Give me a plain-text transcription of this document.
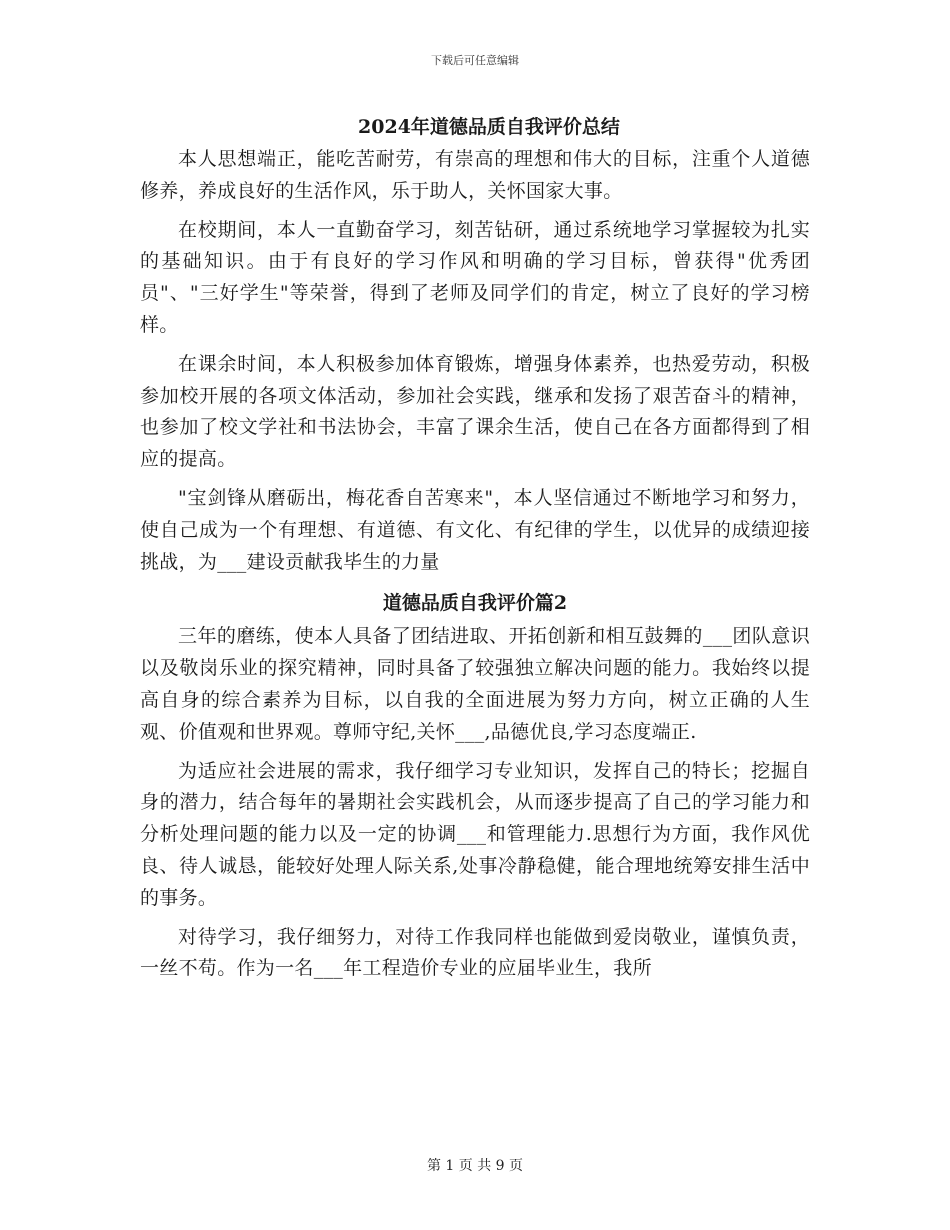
下载后可任意编辑
2024年道德品质自我评价总结

本人思想端正，能吃苦耐劳，有崇高的理想和伟大的目标，注重个人道德修养，养成良好的生活作风，乐于助人，关怀国家大事。

在校期间，本人一直勤奋学习，刻苦钻研，通过系统地学习掌握较为扎实的基础知识。由于有良好的学习作风和明确的学习目标，曾获得"优秀团员"、"三好学生"等荣誉，得到了老师及同学们的肯定，树立了良好的学习榜样。

在课余时间，本人积极参加体育锻炼，增强身体素养，也热爱劳动，积极参加校开展的各项文体活动，参加社会实践，继承和发扬了艰苦奋斗的精神，也参加了校文学社和书法协会，丰富了课余生活，使自己在各方面都得到了相应的提高。

"宝剑锋从磨砺出，梅花香自苦寒来"，本人坚信通过不断地学习和努力，使自己成为一个有理想、有道德、有文化、有纪律的学生，以优异的成绩迎接挑战，为___建设贡献我毕生的力量

道德品质自我评价篇2

三年的磨练，使本人具备了团结进取、开拓创新和相互鼓舞的___团队意识以及敬岗乐业的探究精神，同时具备了较强独立解决问题的能力。我始终以提高自身的综合素养为目标，以自我的全面进展为努力方向，树立正确的人生观、价值观和世界观。尊师守纪,关怀___,品德优良,学习态度端正.

为适应社会进展的需求，我仔细学习专业知识，发挥自己的特长；挖掘自身的潜力，结合每年的暑期社会实践机会，从而逐步提高了自己的学习能力和分析处理问题的能力以及一定的协调___和管理能力.思想行为方面，我作风优良、待人诚恳，能较好处理人际关系,处事冷静稳健，能合理地统筹安排生活中的事务。

对待学习，我仔细努力，对待工作我同样也能做到爱岗敬业，谨慎负责，一丝不苟。作为一名___年工程造价专业的应届毕业生，我所

第 1 页 共 9 页
